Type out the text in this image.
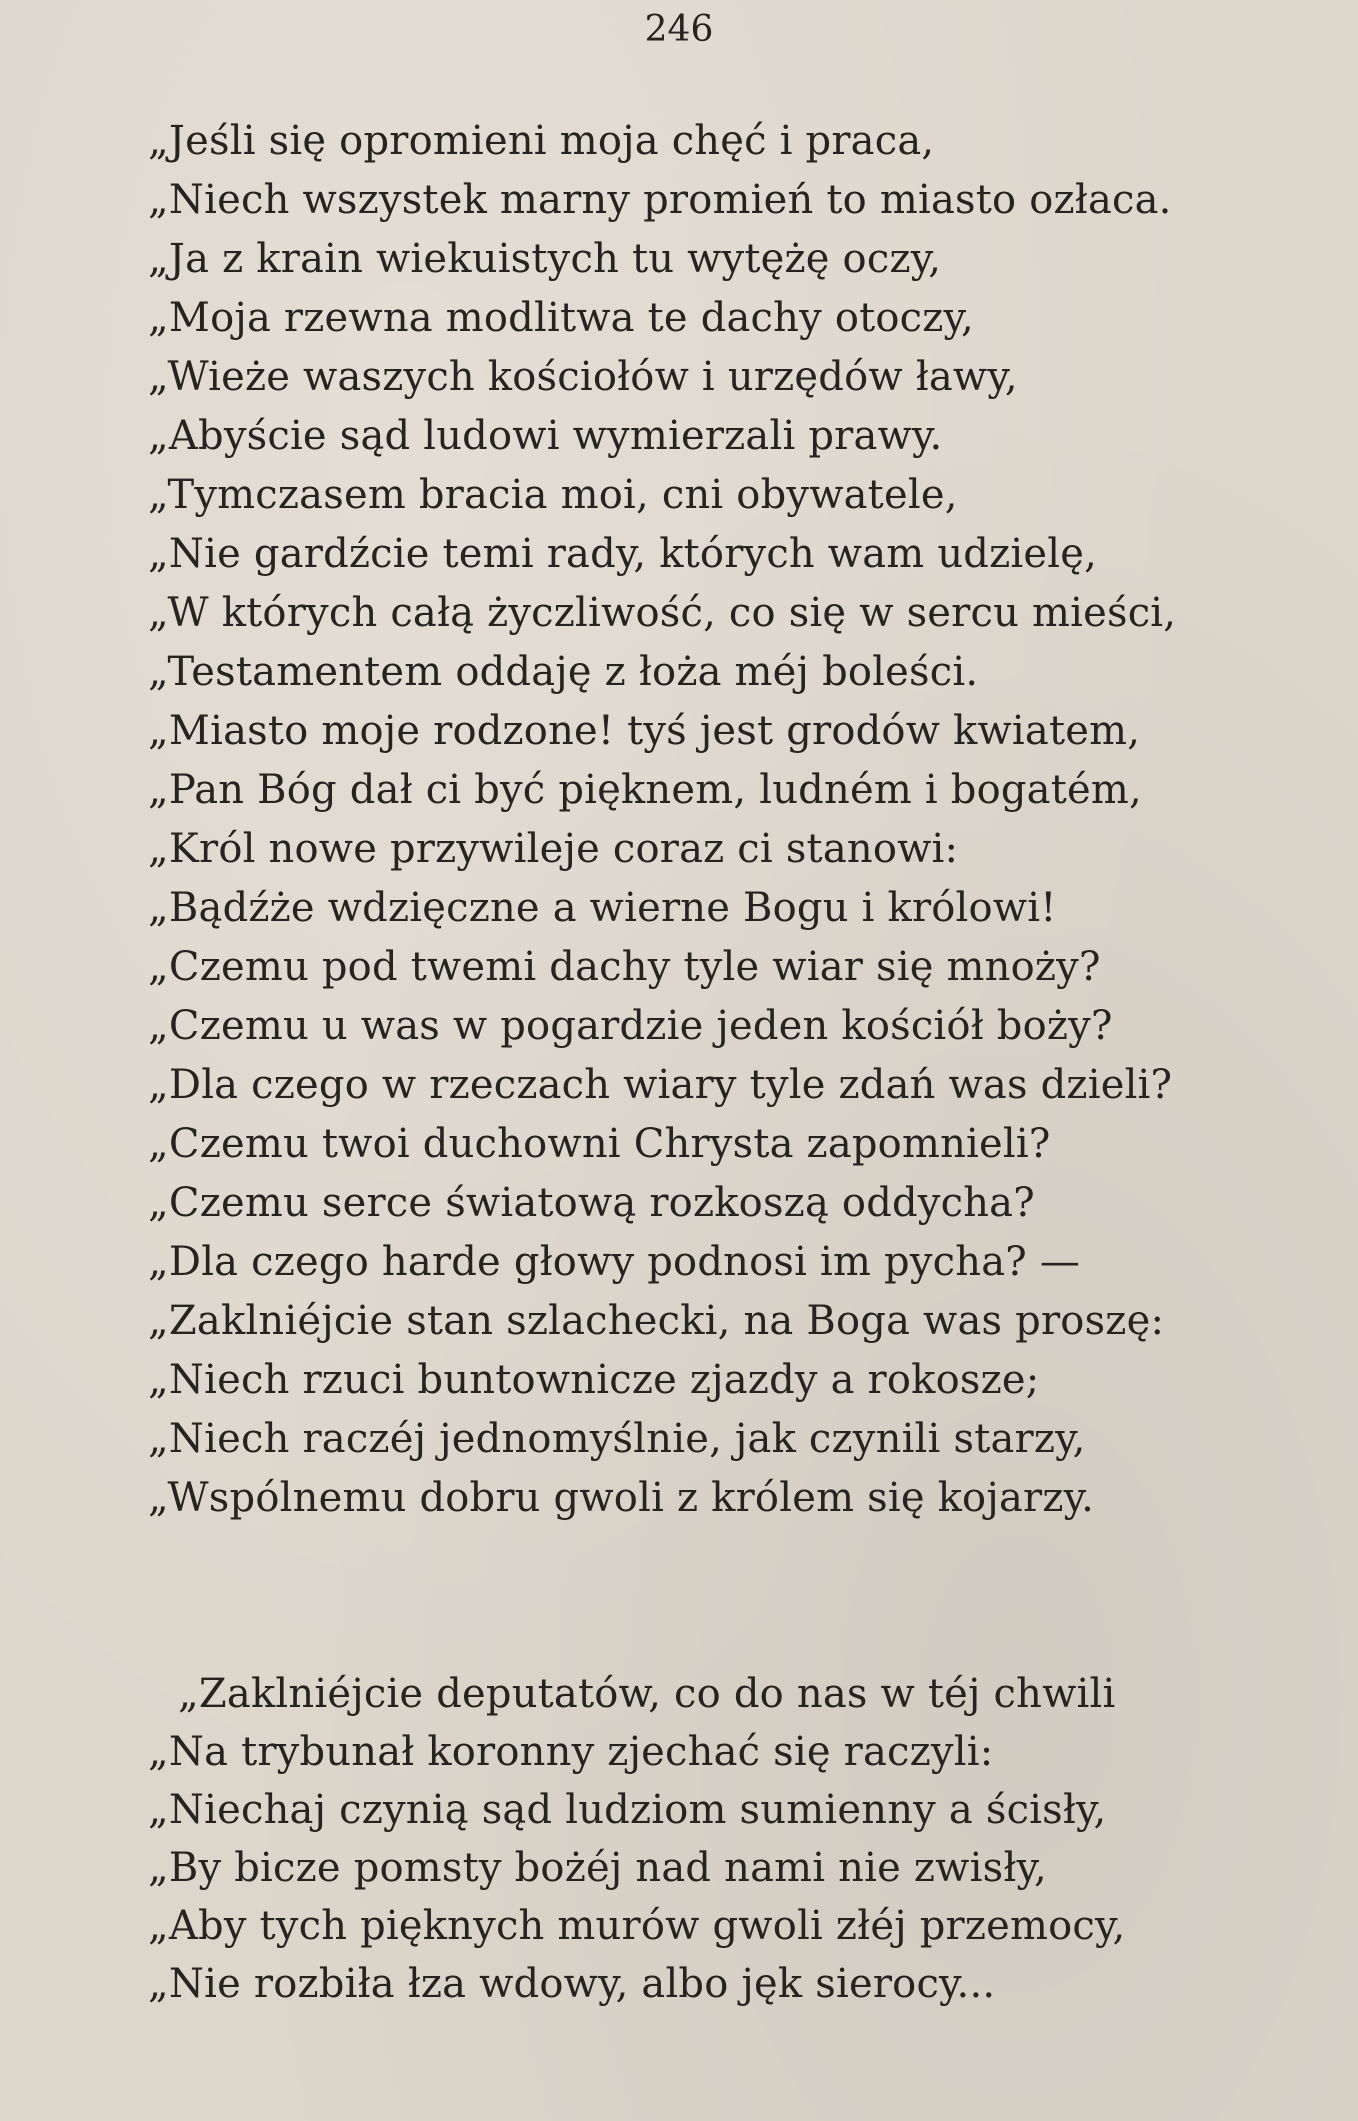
246
„Jeśli się opromieni moja chęć i praca,
„Niech wszystek marny promień to miasto ozłaca.
„Ja z krain wiekuistych tu wytężę oczy,
„Moja rzewna modlitwa te dachy otoczy,
„Wieże waszych kościołów i urzędów ławy,
„Abyście sąd ludowi wymierzali prawy.
„Tymczasem bracia moi, cni obywatele,
„Nie gardźcie temi rady, których wam udzielę,
„W których całą życzliwość, co się w sercu mieści,
„Testamentem oddaję z łoża méj boleści.
„Miasto moje rodzone! tyś jest grodów kwiatem,
„Pan Bóg dał ci być pięknem, ludném i bogatém,
„Król nowe przywileje coraz ci stanowi:
„Bądźże wdzięczne a wierne Bogu i królowi!
„Czemu pod twemi dachy tyle wiar się mnoży?
„Czemu u was w pogardzie jeden kościół boży?
„Dla czego w rzeczach wiary tyle zdań was dzieli?
„Czemu twoi duchowni Chrysta zapomnieli?
„Czemu serce światową rozkoszą oddycha?
„Dla czego harde głowy podnosi im pycha? —
„Zaklniéjcie stan szlachecki, na Boga was proszę:
„Niech rzuci buntownicze zjazdy a rokosze;
„Niech raczéj jednomyślnie, jak czynili starzy,
„Wspólnemu dobru gwoli z królem się kojarzy.
„Zaklniéjcie deputatów, co do nas w téj chwili
„Na trybunał koronny zjechać się raczyli:
„Niechaj czynią sąd ludziom sumienny a ścisły,
„By bicze pomsty bożéj nad nami nie zwisły,
„Aby tych pięknych murów gwoli złéj przemocy,
„Nie rozbiła łza wdowy, albo jęk sierocy...
